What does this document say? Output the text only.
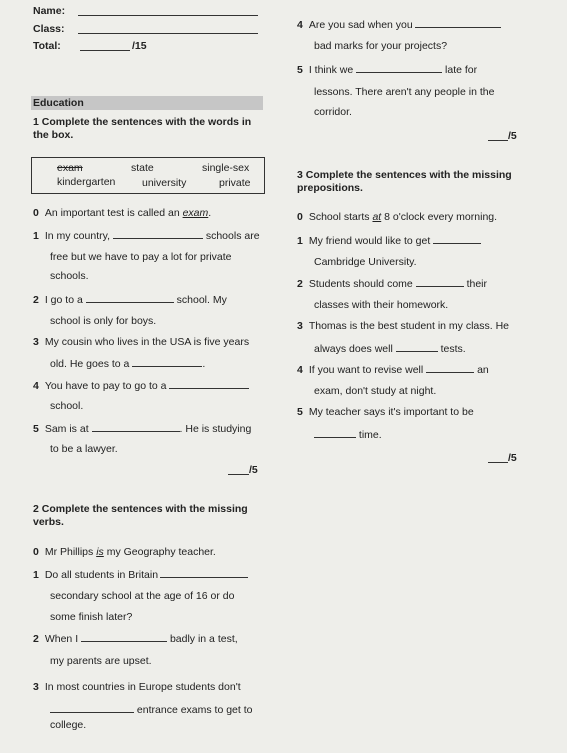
Name:
Class:
Total:	/15
Education
1 Complete the sentences with the words in
the box.
exam	state	single-sex
kindergarten	university	private
0 An important test is called an exam.
1 In my country,	schools are
free but we have to pay a lot for private
schools.
2 I go to a	school. My
school is only for boys.
3 My cousin who lives in the USA is five years
old. He goes to a	.
4 You have to pay to go to a
school.
5 Sam is at	. He is studying
to be a lawyer.
/5
2 Complete the sentences with the missing
verbs.
0 Mr Phillips is my Geography teacher.
1 Do all students in Britain
secondary school at the age of 16 or do
some finish later?
2 When I	badly in a test,
my parents are upset.
3 In most countries in Europe students don't
entrance exams to get to
college.
4 Are you sad when you
bad marks for your projects?
5 I think we	late for
lessons. There aren't any people in the
corridor.
/5
3 Complete the sentences with the missing
prepositions.
0 School starts at 8 o'clock every morning.
1 My friend would like to get
Cambridge University.
2 Students should come	their
classes with their homework.
3 Thomas is the best student in my class. He
always does well	tests.
4 If you want to revise well	an
exam, don't study at night.
5 My teacher says it's important to be
time.
/5
